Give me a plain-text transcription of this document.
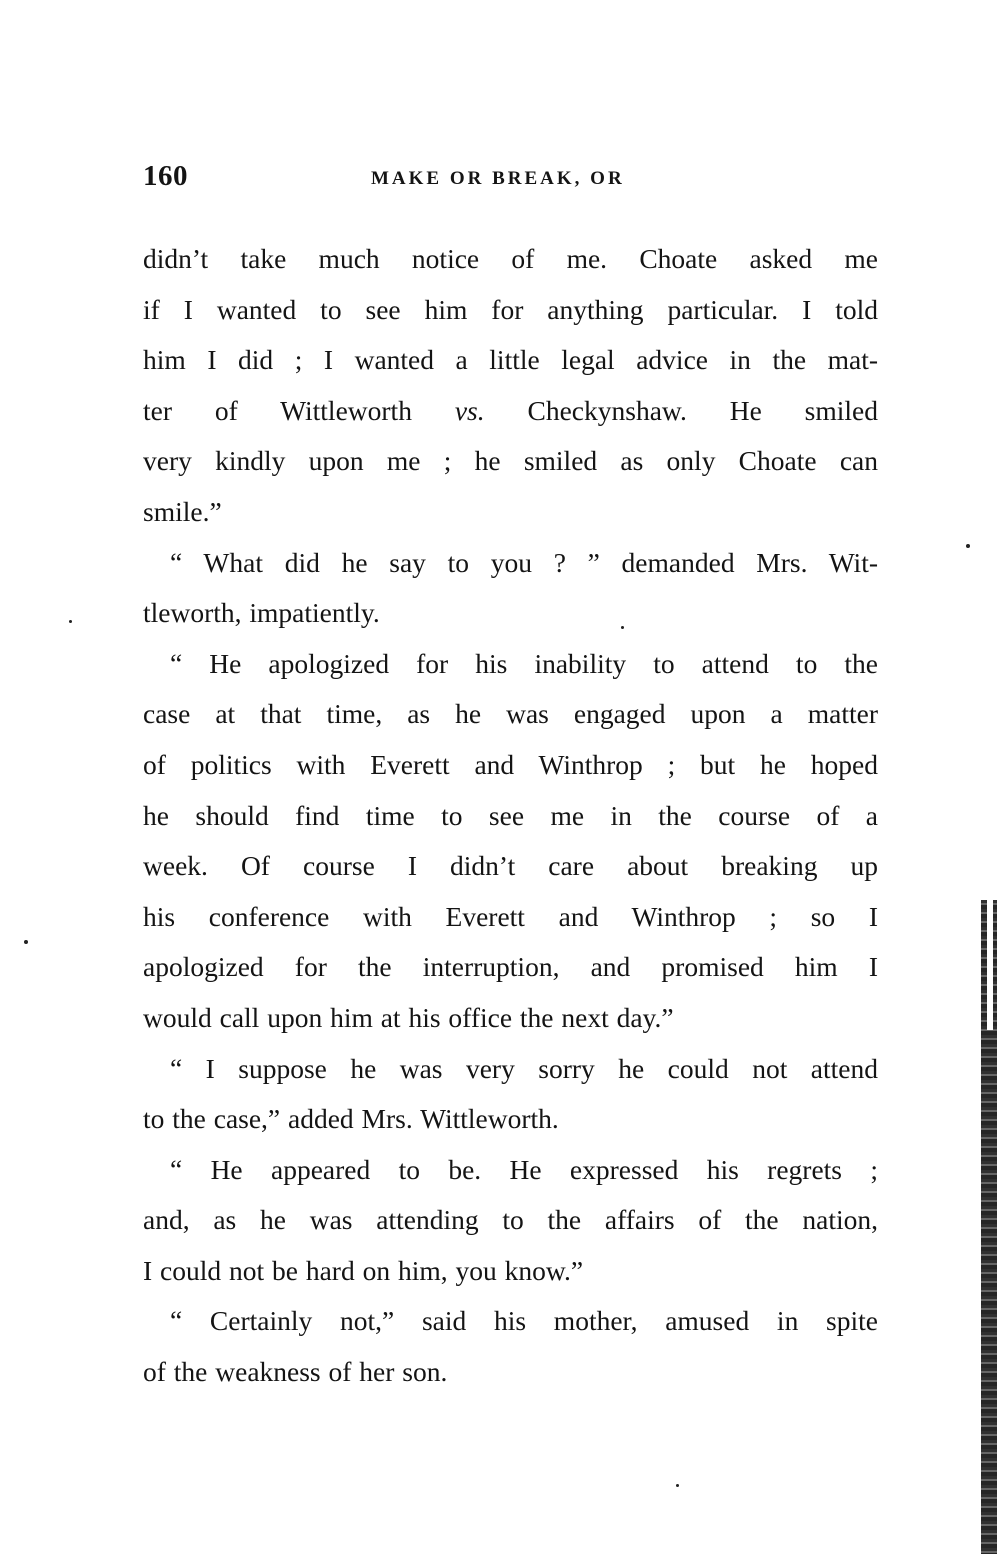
160	MAKE OR BREAK, OR

didn’t take much notice of me. Choate asked me
if I wanted to see him for anything particular. I told
him I did ; I wanted a little legal advice in the mat-
ter of Wittleworth vs. Checkynshaw. He smiled
very kindly upon me ; he smiled as only Choate can
smile.”

“ What did he say to you ? ” demanded Mrs. Wit-
tleworth, impatiently.

“ He apologized for his inability to attend to the
case at that time, as he was engaged upon a matter
of politics with Everett and Winthrop ; but he hoped
he should find time to see me in the course of a
week. Of course I didn’t care about breaking up
his conference with Everett and Winthrop ; so I
apologized for the interruption, and promised him I
would call upon him at his office the next day.”

“ I suppose he was very sorry he could not attend
to the case,” added Mrs. Wittleworth.

“ He appeared to be. He expressed his regrets ;
and, as he was attending to the affairs of the nation,
I could not be hard on him, you know.”

“ Certainly not,” said his mother, amused in spite
of the weakness of her son.
